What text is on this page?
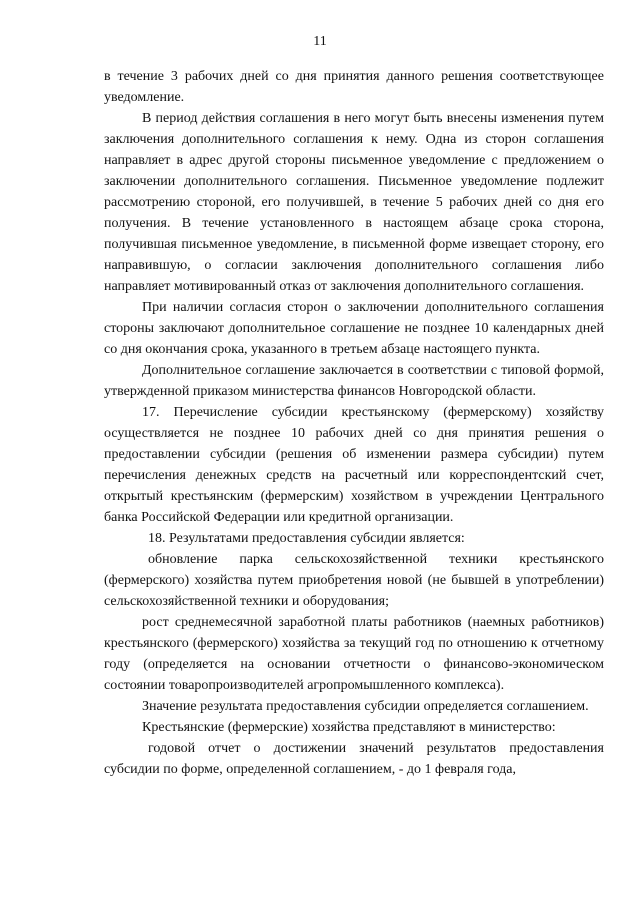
11

в течение 3 рабочих дней со дня принятия данного решения соответствующее уведомление.

В период действия соглашения в него могут быть внесены изменения путем заключения дополнительного соглашения к нему. Одна из сторон соглашения направляет в адрес другой стороны письменное уведомление с предложением о заключении дополнительного соглашения. Письменное уведомление подлежит рассмотрению стороной, его получившей, в течение 5 рабочих дней со дня его получения. В течение установленного в настоящем абзаце срока сторона, получившая письменное уведомление, в письменной форме извещает сторону, его направившую, о согласии заключения дополнительного соглашения либо направляет мотивированный отказ от заключения дополнительного соглашения.

При наличии согласия сторон о заключении дополнительного соглашения стороны заключают дополнительное соглашение не позднее 10 календарных дней со дня окончания срока, указанного в третьем абзаце настоящего пункта.

Дополнительное соглашение заключается в соответствии с типовой формой, утвержденной приказом министерства финансов Новгородской области.

17. Перечисление субсидии крестьянскому (фермерскому) хозяйству осуществляется не позднее 10 рабочих дней со дня принятия решения о предоставлении субсидии (решения об изменении размера субсидии) путем перечисления денежных средств на расчетный или корреспондентский счет, открытый крестьянским (фермерским) хозяйством в учреждении Центрального банка Российской Федерации или кредитной организации.

18. Результатами предоставления субсидии является:

обновление парка сельскохозяйственной техники крестьянского (фермерского) хозяйства путем приобретения новой (не бывшей в употреблении) сельскохозяйственной техники и оборудования;

рост среднемесячной заработной платы работников (наемных работников) крестьянского (фермерского) хозяйства за текущий год по отношению к отчетному году (определяется на основании отчетности о финансово-экономическом состоянии товаропроизводителей агропромышленного комплекса).

Значение результата предоставления субсидии определяется соглашением.

Крестьянские (фермерские) хозяйства представляют в министерство:

годовой отчет о достижении значений результатов предоставления субсидии по форме, определенной соглашением, - до 1 февраля года,
